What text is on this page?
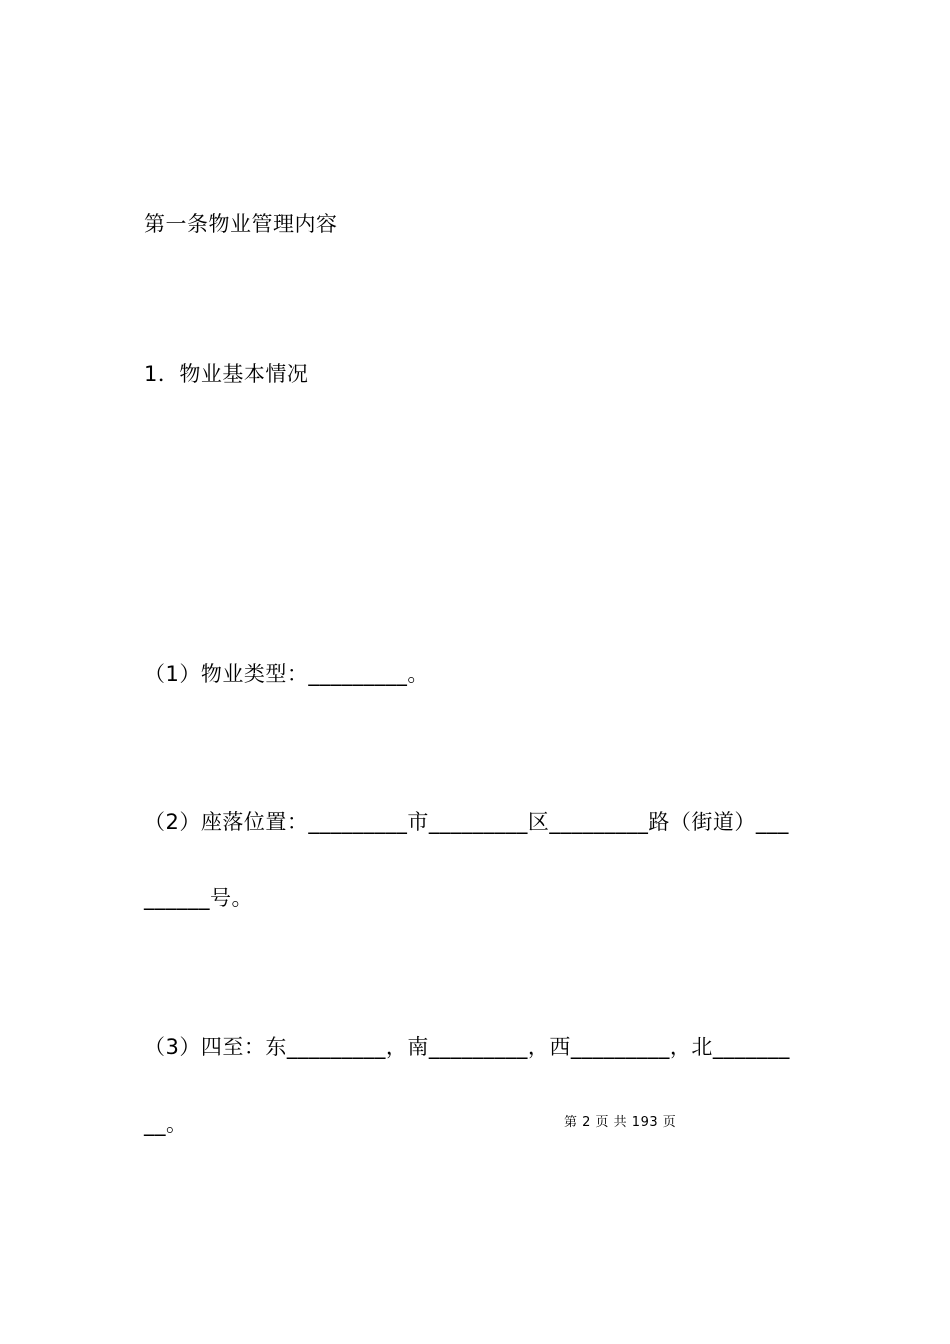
第一条物业管理内容
1．物业基本情况
（1）物业类型：_________。
（2）座落位置：_________市_________区_________路（街道）___
______号。
（3）四至：东_________，南_________，西_________，北_______
__。	第 2 页 共 193 页
